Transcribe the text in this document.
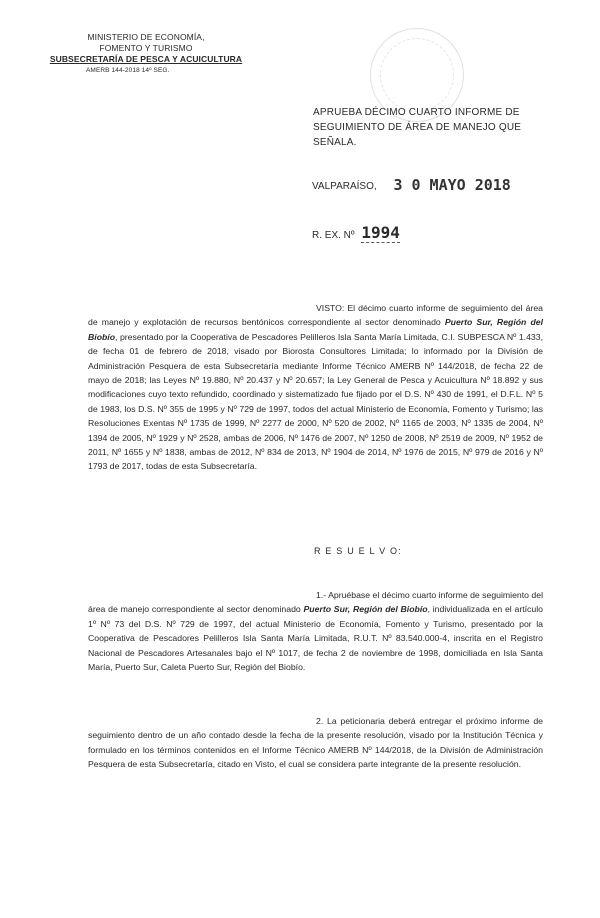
MINISTERIO DE ECONOMÍA,
FOMENTO Y TURISMO
SUBSECRETARÍA DE PESCA Y ACUICULTURA
AMERB 144-2018 14º SEG.
APRUEBA DÉCIMO CUARTO INFORME DE SEGUIMIENTO DE ÁREA DE MANEJO QUE SEÑALA.
VALPARAÍSO, 3 0 MAYO 2018
R. EX. Nº 1994
VISTO: El décimo cuarto informe de seguimiento del área de manejo y explotación de recursos bentónicos correspondiente al sector denominado Puerto Sur, Región del Biobío, presentado por la Cooperativa de Pescadores Pelilleros Isla Santa María Limitada, C.I. SUBPESCA Nº 1.433, de fecha 01 de febrero de 2018, visado por Biorosta Consultores Limitada; lo informado por la División de Administración Pesquera de esta Subsecretaría mediante Informe Técnico AMERB Nº 144/2018, de fecha 22 de mayo de 2018; las Leyes Nº 19.880, Nº 20.437 y Nº 20.657; la Ley General de Pesca y Acuicultura Nº 18.892 y sus modificaciones cuyo texto refundido, coordinado y sistematizado fue fijado por el D.S. Nº 430 de 1991, el D.F.L. Nº 5 de 1983, los D.S. Nº 355 de 1995 y Nº 729 de 1997, todos del actual Ministerio de Economía, Fomento y Turismo; las Resoluciones Exentas Nº 1735 de 1999, Nº 2277 de 2000, Nº 520 de 2002, Nº 1165 de 2003, Nº 1335 de 2004, Nº 1394 de 2005, Nº 1929 y Nº 2528, ambas de 2006, Nº 1476 de 2007, Nº 1250 de 2008, Nº 2519 de 2009, Nº 1952 de 2011, Nº 1655 y Nº 1838, ambas de 2012, Nº 834 de 2013, Nº 1904 de 2014, Nº 1976 de 2015, Nº 979 de 2016 y Nº 1793 de 2017, todas de esta Subsecretaría.
R E S U E L V O:
1.- Apruébase el décimo cuarto informe de seguimiento del área de manejo correspondiente al sector denominado Puerto Sur, Región del Biobío, individualizada en el artículo 1º Nº 73 del D.S. Nº 729 de 1997, del actual Ministerio de Economía, Fomento y Turismo, presentado por la Cooperativa de Pescadores Pelilleros Isla Santa María Limitada, R.U.T. Nº 83.540.000-4, inscrita en el Registro Nacional de Pescadores Artesanales bajo el Nº 1017, de fecha 2 de noviembre de 1998, domiciliada en Isla Santa María, Puerto Sur, Caleta Puerto Sur, Región del Biobío.
2. La peticionaria deberá entregar el próximo informe de seguimiento dentro de un año contado desde la fecha de la presente resolución, visado por la Institución Técnica y formulado en los términos contenidos en el Informe Técnico AMERB Nº 144/2018, de la División de Administración Pesquera de esta Subsecretaría, citado en Visto, el cual se considera parte integrante de la presente resolución.
